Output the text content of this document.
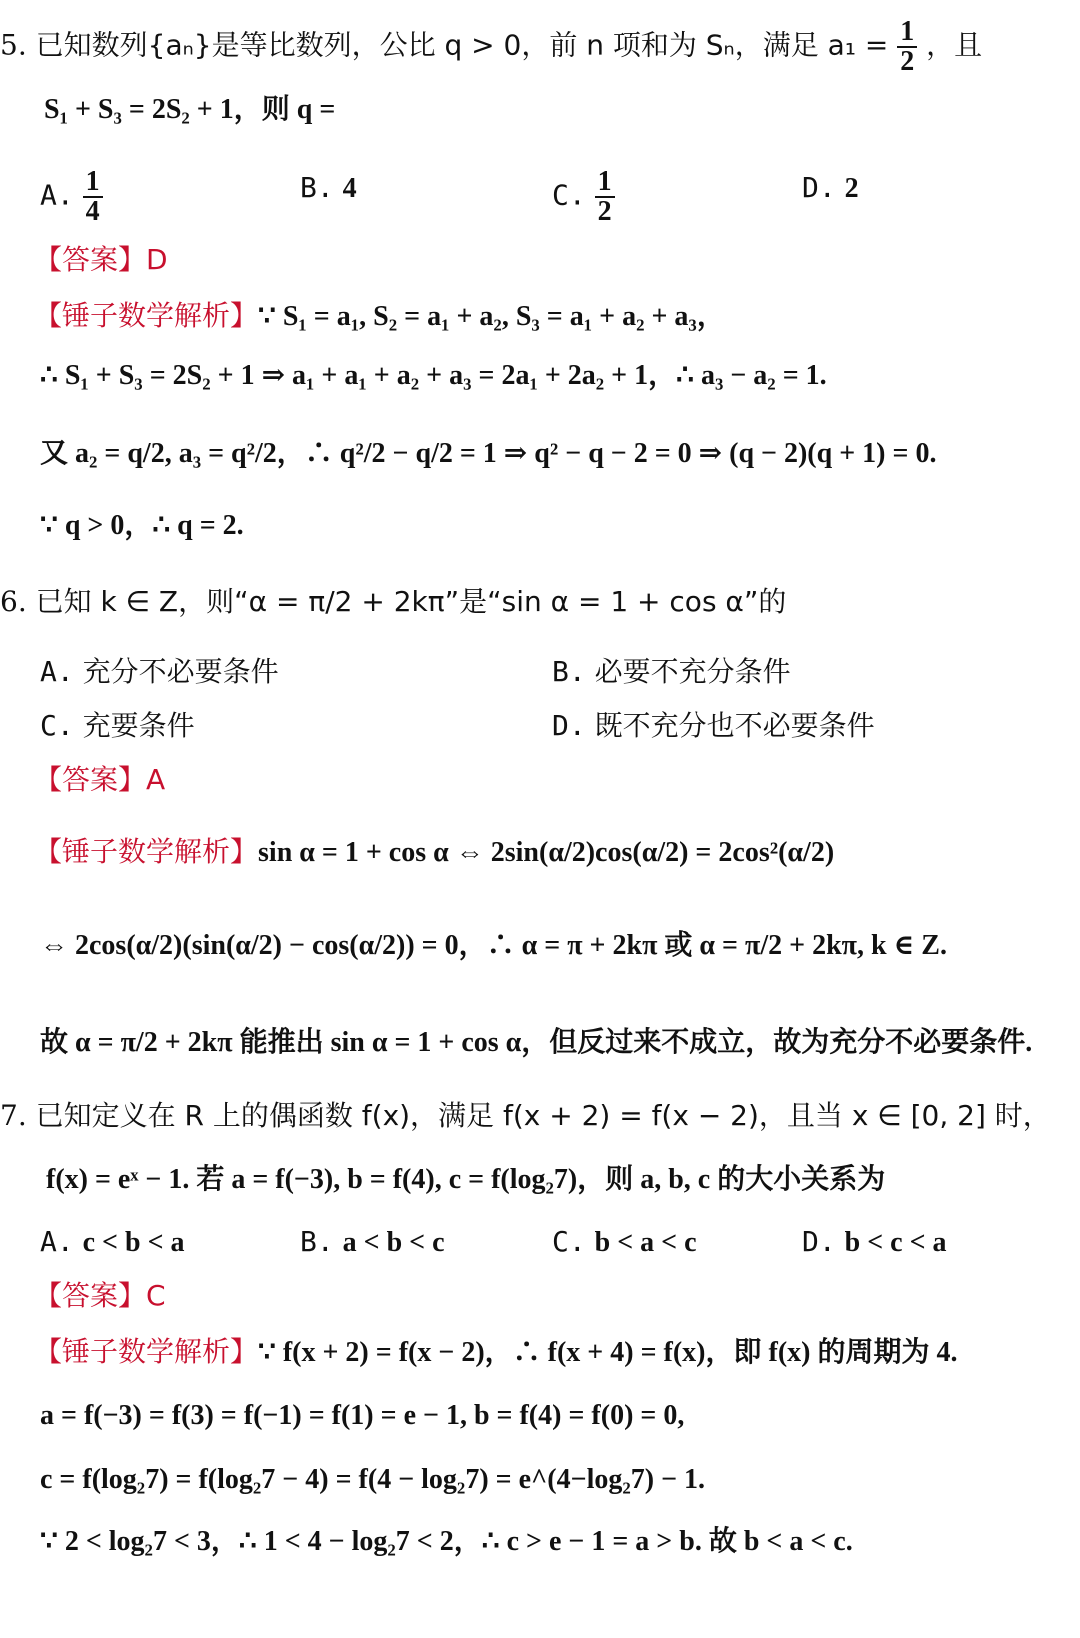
5. 已知数列{aₙ}是等比数列，公比 q > 0，前 n 项和为 Sₙ，满足 $a_1 = \frac{1}{2}$ ，且
S₁ + S₃ = 2S₂ + 1，则 q =
A. $\frac{1}{4}$	B. 4	C. $\frac{1}{2}$	D. 2
【答案】D
【锤子数学解析】∵ S₁ = a₁, S₂ = a₁ + a₂, S₃ = a₁ + a₂ + a₃，
∴ S₁ + S₃ = 2S₂ + 1 ⇒ a₁ + a₁ + a₂ + a₃ = 2a₁ + 2a₂ + 1，∴ a₃ − a₂ = 1.
又 a₂ = q/2, a₃ = q²/2，∴ q²/2 − q/2 = 1 ⇒ q² − q − 2 = 0 ⇒ (q − 2)(q + 1) = 0.
∵ q > 0，∴ q = 2.
6. 已知 k ∈ Z，则“α = π/2 + 2kπ”是“sin α = 1 + cos α”的
A. 充分不必要条件	B. 必要不充分条件
C. 充要条件	D. 既不充分也不必要条件
【答案】A
【锤子数学解析】sin α = 1 + cos α ⇔ 2sin(α/2)cos(α/2) = 2cos²(α/2)
⇔ 2cos(α/2)(sin(α/2) − cos(α/2)) = 0，∴ α = π + 2kπ 或 α = π/2 + 2kπ, k ∈ Z.
故 α = π/2 + 2kπ 能推出 sin α = 1 + cos α，但反过来不成立，故为充分不必要条件.
7. 已知定义在 R 上的偶函数 f(x)，满足 f(x + 2) = f(x − 2)，且当 x ∈ [0, 2] 时，
f(x) = eˣ − 1. 若 a = f(−3), b = f(4), c = f(log₂7)，则 a, b, c 的大小关系为
A. c < b < a	B. a < b < c	C. b < a < c	D. b < c < a
【答案】C
【锤子数学解析】∵ f(x + 2) = f(x − 2)，∴ f(x + 4) = f(x)，即 f(x) 的周期为 4.
a = f(−3) = f(3) = f(−1) = f(1) = e − 1, b = f(4) = f(0) = 0,
c = f(log₂7) = f(log₂7 − 4) = f(4 − log₂7) = e^(4−log₂7) − 1.
∵ 2 < log₂7 < 3，∴ 1 < 4 − log₂7 < 2，∴ c > e − 1 = a > b. 故 b < a < c.
